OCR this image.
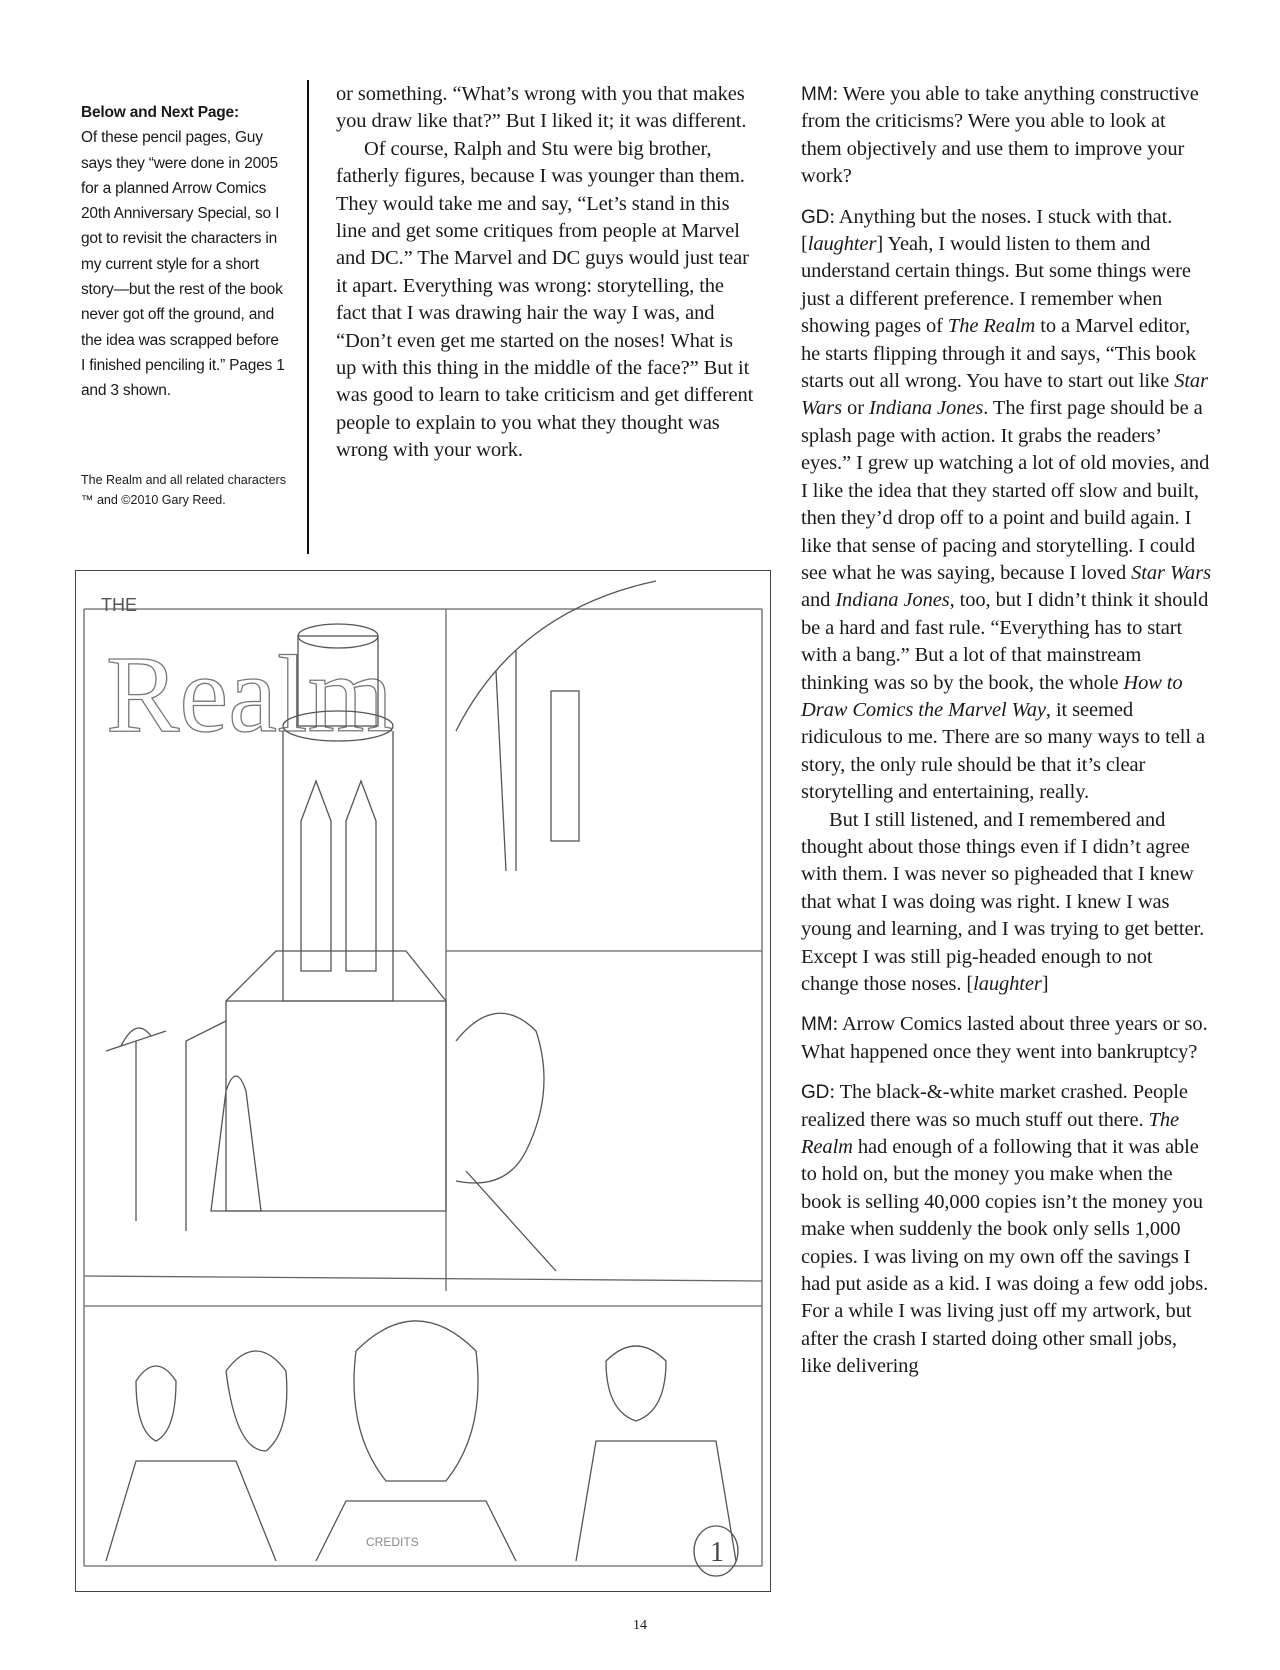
Below and Next Page:
Of these pencil pages, Guy says they “were done in 2005 for a planned Arrow Comics 20th Anniversary Special, so I got to revisit the characters in my current style for a short story—but the rest of the book never got off the ground, and the idea was scrapped before I finished penciling it.” Pages 1 and 3 shown.
The Realm and all related characters ™ and ©2010 Gary Reed.

or something. “What’s wrong with you that makes you draw like that?” But I liked it; it was different.

Of course, Ralph and Stu were big brother, fatherly figures, because I was younger than them. They would take me and say, “Let’s stand in this line and get some critiques from people at Marvel and DC.” The Marvel and DC guys would just tear it apart. Everything was wrong: storytelling, the fact that I was drawing hair the way I was, and “Don’t even get me started on the noses! What is up with this thing in the middle of the face?” But it was good to learn to take criticism and get different people to explain to you what they thought was wrong with your work.

MM: Were you able to take anything constructive from the criticisms? Were you able to look at them objectively and use them to improve your work?

GD: Anything but the noses. I stuck with that. [laughter] Yeah, I would listen to them and understand certain things. But some things were just a different preference. I remember when showing pages of The Realm to a Marvel editor, he starts flipping through it and says, “This book starts out all wrong. You have to start out like Star Wars or Indiana Jones. The first page should be a splash page with action. It grabs the readers’ eyes.” I grew up watching a lot of old movies, and I like the idea that they started off slow and built, then they’d drop off to a point and build again. I like that sense of pacing and storytelling. I could see what he was saying, because I loved Star Wars and Indiana Jones, too, but I didn’t think it should be a hard and fast rule. “Everything has to start with a bang.” But a lot of that mainstream thinking was so by the book, the whole How to Draw Comics the Marvel Way, it seemed ridiculous to me. There are so many ways to tell a story, the only rule should be that it’s clear storytelling and entertaining, really.

But I still listened, and I remembered and thought about those things even if I didn’t agree with them. I was never so pigheaded that I knew that what I was doing was right. I knew I was young and learning, and I was trying to get better. Except I was still pig-headed enough to not change those noses. [laughter]

MM: Arrow Comics lasted about three years or so. What happened once they went into bankruptcy?

GD: The black-&-white market crashed. People realized there was so much stuff out there. The Realm had enough of a following that it was able to hold on, but the money you make when the book is selling 40,000 copies isn’t the money you make when suddenly the book only sells 1,000 copies. I was living on my own off the savings I had put aside as a kid. I was doing a few odd jobs. For a while I was living just off my artwork, but after the crash I started doing other small jobs, like delivering

THE
Realm
CREDITS	1
14
